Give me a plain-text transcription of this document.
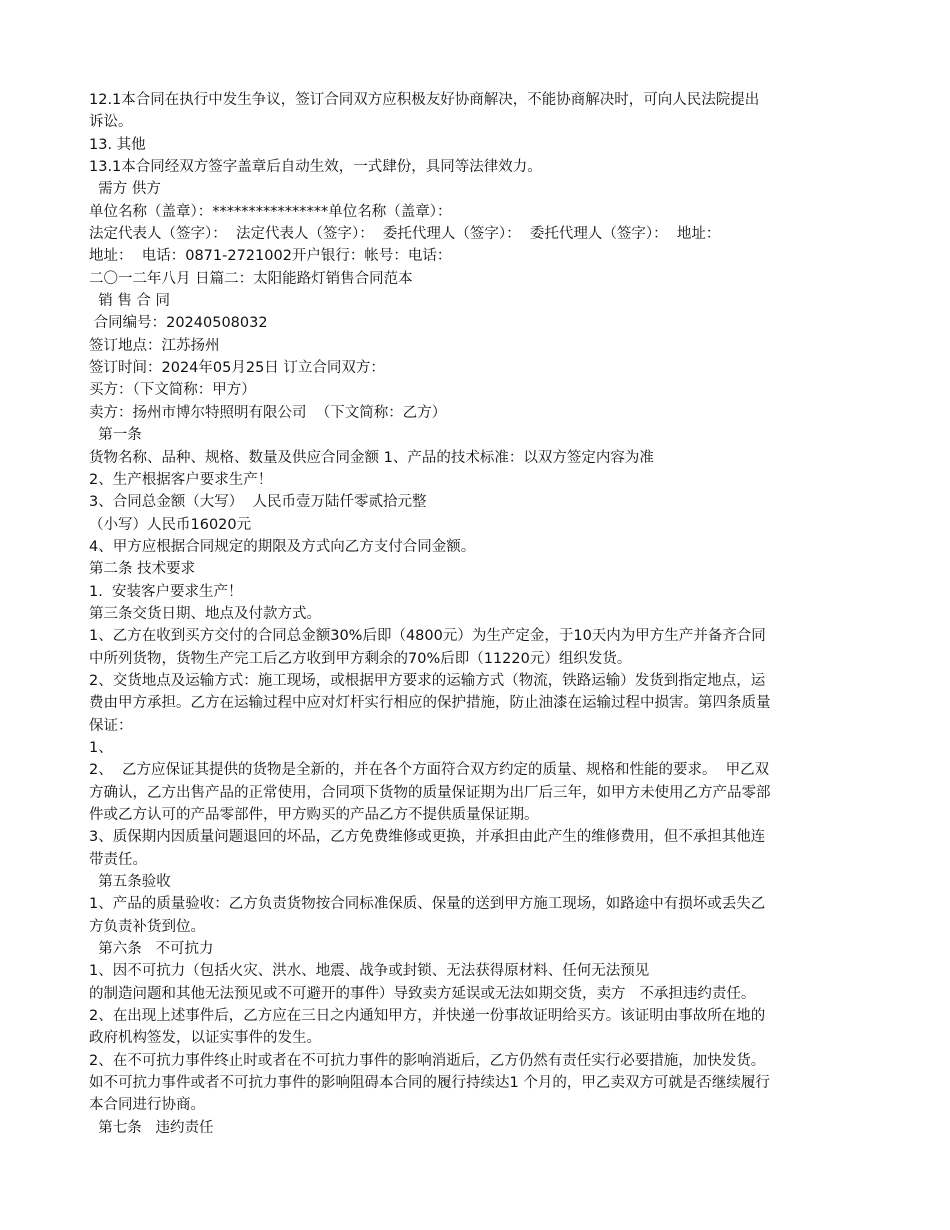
12.1本合同在执行中发生争议，签订合同双方应积极友好协商解决，不能协商解决时，可向人民法院提出
诉讼。
13. 其他
13.1本合同经双方签字盖章后自动生效，一式肆份，具同等法律效力。
需方 供方
单位名称（盖章）：****************单位名称（盖章）：
法定代表人（签字）：  法定代表人（签字）：  委托代理人（签字）：  委托代理人（签字）：  地址：
地址：  电话：0871-2721002开户银行：帐号：电话：
二〇一二年八月 日篇二：太阳能路灯销售合同范本
销 售 合 同
合同编号：20240508032
签订地点：江苏扬州
签订时间：2024年05月25日 订立合同双方：
买方：（下文简称：甲方）
卖方：扬州市博尔特照明有限公司  （下文简称：乙方）
第一条
货物名称、品种、规格、数量及供应合同金额 1、产品的技术标准：以双方签定内容为准
2、生产根据客户要求生产！
3、合同总金额（大写）  人民币壹万陆仟零贰拾元整
（小写）人民币16020元
4、甲方应根据合同规定的期限及方式向乙方支付合同金额。
第二条 技术要求
1.  安装客户要求生产！
第三条交货日期、地点及付款方式。
1、乙方在收到买方交付的合同总金额30%后即（4800元）为生产定金，于10天内为甲方生产并备齐合同
中所列货物，货物生产完工后乙方收到甲方剩余的70%后即（11220元）组织发货。
2、交货地点及运输方式：施工现场，或根据甲方要求的运输方式（物流，铁路运输）发货到指定地点，运
费由甲方承担。乙方在运输过程中应对灯杆实行相应的保护措施，防止油漆在运输过程中损害。第四条质量
保证：
1、
2、  乙方应保证其提供的货物是全新的，并在各个方面符合双方约定的质量、规格和性能的要求。  甲乙双
方确认，乙方出售产品的正常使用，合同项下货物的质量保证期为出厂后三年，如甲方未使用乙方产品零部
件或乙方认可的产品零部件，甲方购买的产品乙方不提供质量保证期。
3、质保期内因质量问题退回的坏品，乙方免费维修或更换，并承担由此产生的维修费用，但不承担其他连
带责任。
第五条验收
1、产品的质量验收：乙方负责货物按合同标准保质、保量的送到甲方施工现场，如路途中有损坏或丢失乙
方负责补货到位。
第六条   不可抗力
1、因不可抗力（包括火灾、洪水、地震、战争或封锁、无法获得原材料、任何无法预见
的制造问题和其他无法预见或不可避开的事件）导致卖方延误或无法如期交货，卖方   不承担违约责任。
2、在出现上述事件后，乙方应在三日之内通知甲方，并快递一份事故证明给买方。该证明由事故所在地的
政府机构签发，以证实事件的发生。
2、在不可抗力事件终止时或者在不可抗力事件的影响消逝后，乙方仍然有责任实行必要措施，加快发货。
如不可抗力事件或者不可抗力事件的影响阻碍本合同的履行持续达1 个月的，甲乙卖双方可就是否继续履行
本合同进行协商。
第七条   违约责任
